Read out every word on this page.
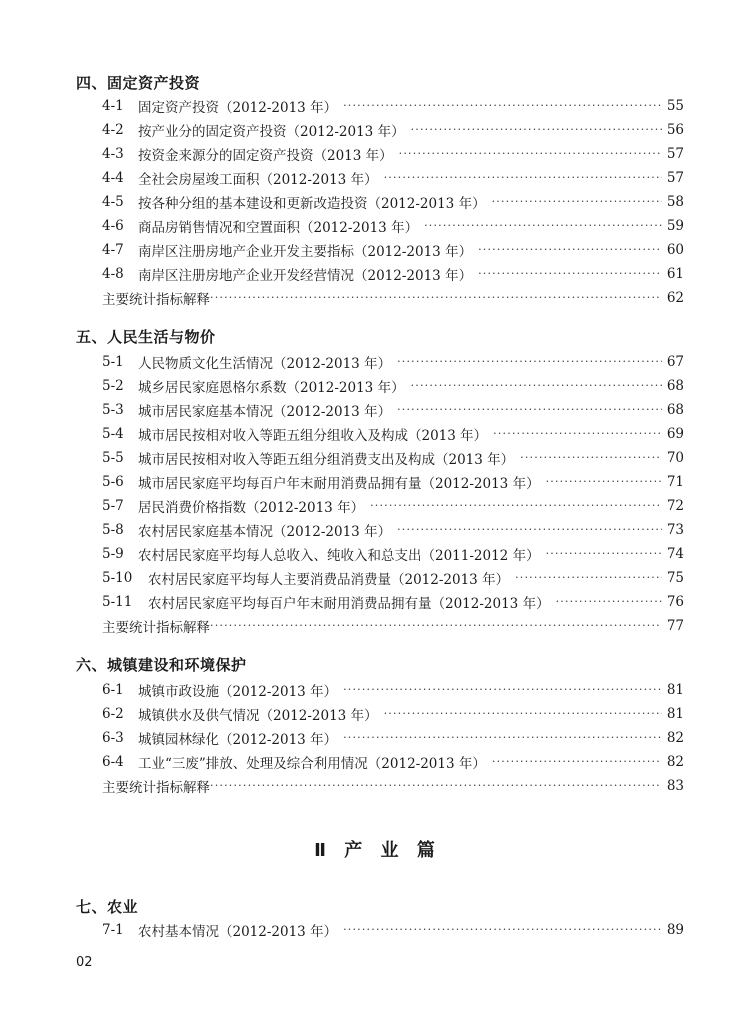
四、固定资产投资
4-1	固定资产投资（2012-2013 年） ·····	55
4-2	按产业分的固定资产投资（2012-2013 年） ·····	56
4-3	按资金来源分的固定资产投资（2013 年） ·····	57
4-4	全社会房屋竣工面积（2012-2013 年） ·····	57
4-5	按各种分组的基本建设和更新改造投资（2012-2013 年） ·····	58
4-6	商品房销售情况和空置面积（2012-2013 年） ·····	59
4-7	南岸区注册房地产企业开发主要指标（2012-2013 年） ·····	60
4-8	南岸区注册房地产企业开发经营情况（2012-2013 年） ·····	61
主要统计指标解释 ·····	62
五、人民生活与物价
5-1	人民物质文化生活情况（2012-2013 年） ·····	67
5-2	城乡居民家庭恩格尔系数（2012-2013 年） ·····	68
5-3	城市居民家庭基本情况（2012-2013 年） ·····	68
5-4	城市居民按相对收入等距五组分组收入及构成（2013 年） ·····	69
5-5	城市居民按相对收入等距五组分组消费支出及构成（2013 年） ·····	70
5-6	城市居民家庭平均每百户年末耐用消费品拥有量（2012-2013 年） ·····	71
5-7	居民消费价格指数（2012-2013 年） ·····	72
5-8	农村居民家庭基本情况（2012-2013 年） ·····	73
5-9	农村居民家庭平均每人总收入、纯收入和总支出（2011-2012 年） ·····	74
5-10	农村居民家庭平均每人主要消费品消费量（2012-2013 年） ·····	75
5-11	农村居民家庭平均每百户年末耐用消费品拥有量（2012-2013 年） ·····	76
主要统计指标解释 ·····	77
六、城镇建设和环境保护
6-1	城镇市政设施（2012-2013 年） ·····	81
6-2	城镇供水及供气情况（2012-2013 年） ·····	81
6-3	城镇园林绿化（2012-2013 年） ·····	82
6-4	工业“三废”排放、处理及综合利用情况（2012-2013 年） ·····	82
主要统计指标解释 ·····	83
Ⅱ 产 业 篇
七、农业
7-1	农村基本情况（2012-2013 年） ·····	89
02
